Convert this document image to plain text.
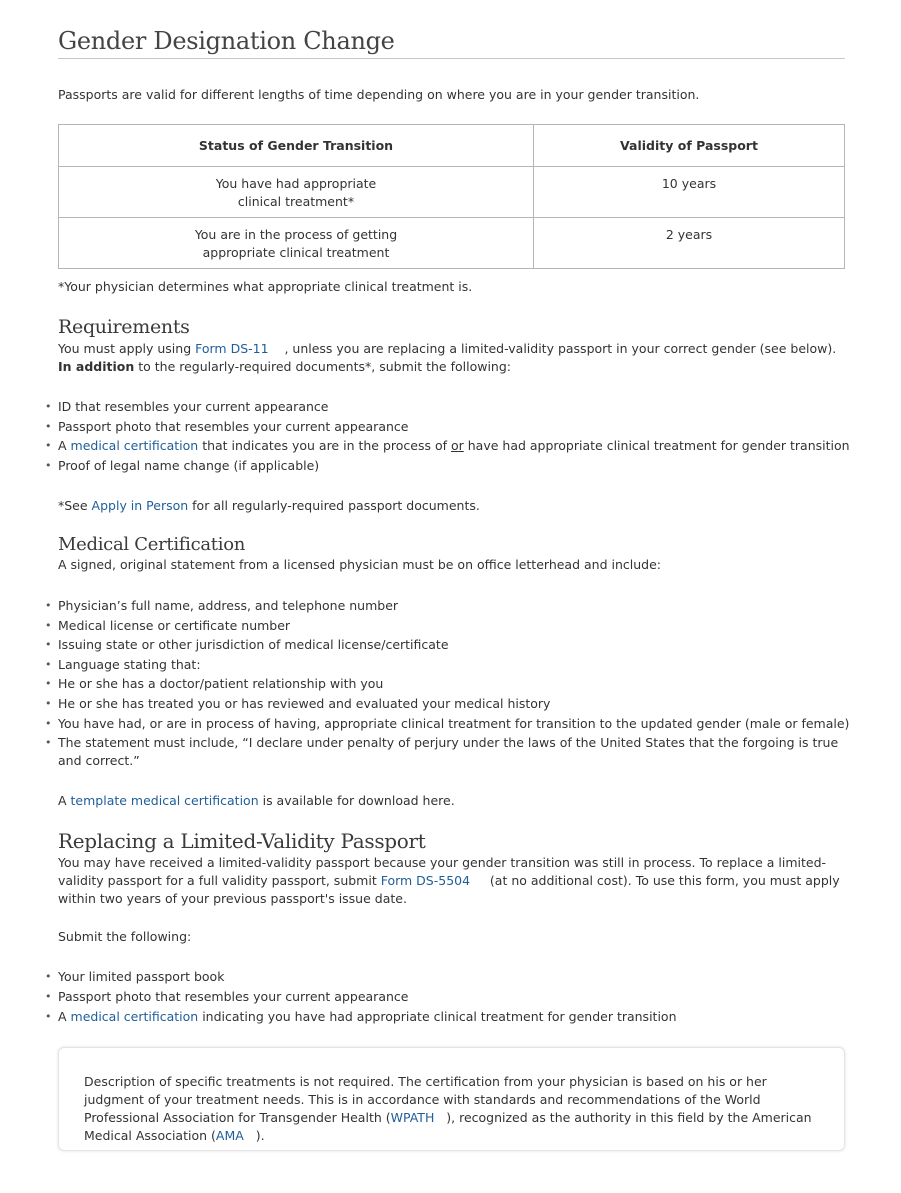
Gender Designation Change
Passports are valid for different lengths of time depending on where you are in your gender transition.
Status of Gender Transition	Validity of Passport
You have had appropriate
clinical treatment*	10 years
You are in the process of getting
appropriate clinical treatment	2 years
*Your physician determines what appropriate clinical treatment is.
Requirements
You must apply using Form DS-11    , unless you are replacing a limited-validity passport in your correct gender (see below). In addition to the regularly-required documents*, submit the following:
• ID that resembles your current appearance
• Passport photo that resembles your current appearance
• A medical certification that indicates you are in the process of or have had appropriate clinical treatment for gender transition
• Proof of legal name change (if applicable)
*See Apply in Person for all regularly-required passport documents.
Medical Certification
A signed, original statement from a licensed physician must be on office letterhead and include:
• Physician’s full name, address, and telephone number
• Medical license or certificate number
• Issuing state or other jurisdiction of medical license/certificate
• Language stating that:
• He or she has a doctor/patient relationship with you
• He or she has treated you or has reviewed and evaluated your medical history
• You have had, or are in process of having, appropriate clinical treatment for transition to the updated gender (male or female)
• The statement must include, “I declare under penalty of perjury under the laws of the United States that the forgoing is true and correct.”
A template medical certification is available for download here.
Replacing a Limited-Validity Passport
You may have received a limited-validity passport because your gender transition was still in process. To replace a limited-validity passport for a full validity passport, submit Form DS-5504     (at no additional cost). To use this form, you must apply within two years of your previous passport's issue date.
Submit the following:
• Your limited passport book
• Passport photo that resembles your current appearance
• A medical certification indicating you have had appropriate clinical treatment for gender transition
Description of specific treatments is not required. The certification from your physician is based on his or her judgment of your treatment needs. This is in accordance with standards and recommendations of the World Professional Association for Transgender Health (WPATH   ), recognized as the authority in this field by the American Medical Association (AMA   ).
